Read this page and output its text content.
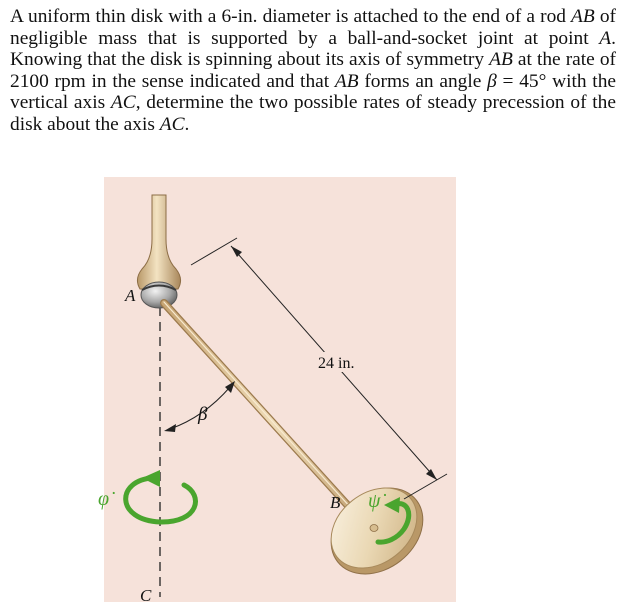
A uniform thin disk with a 6-in. diameter is attached to the end of a rod AB of negligible mass that is supported by a ball-and-socket joint at point A. Knowing that the disk is spinning about its axis of symmetry AB at the rate of 2100 rpm in the sense indicated and that AB forms an angle β = 45° with the vertical axis AC, determine the two possible rates of steady precession of the disk about the axis AC.
A
B
C
β
24 in.
φ̇	ψ̇
